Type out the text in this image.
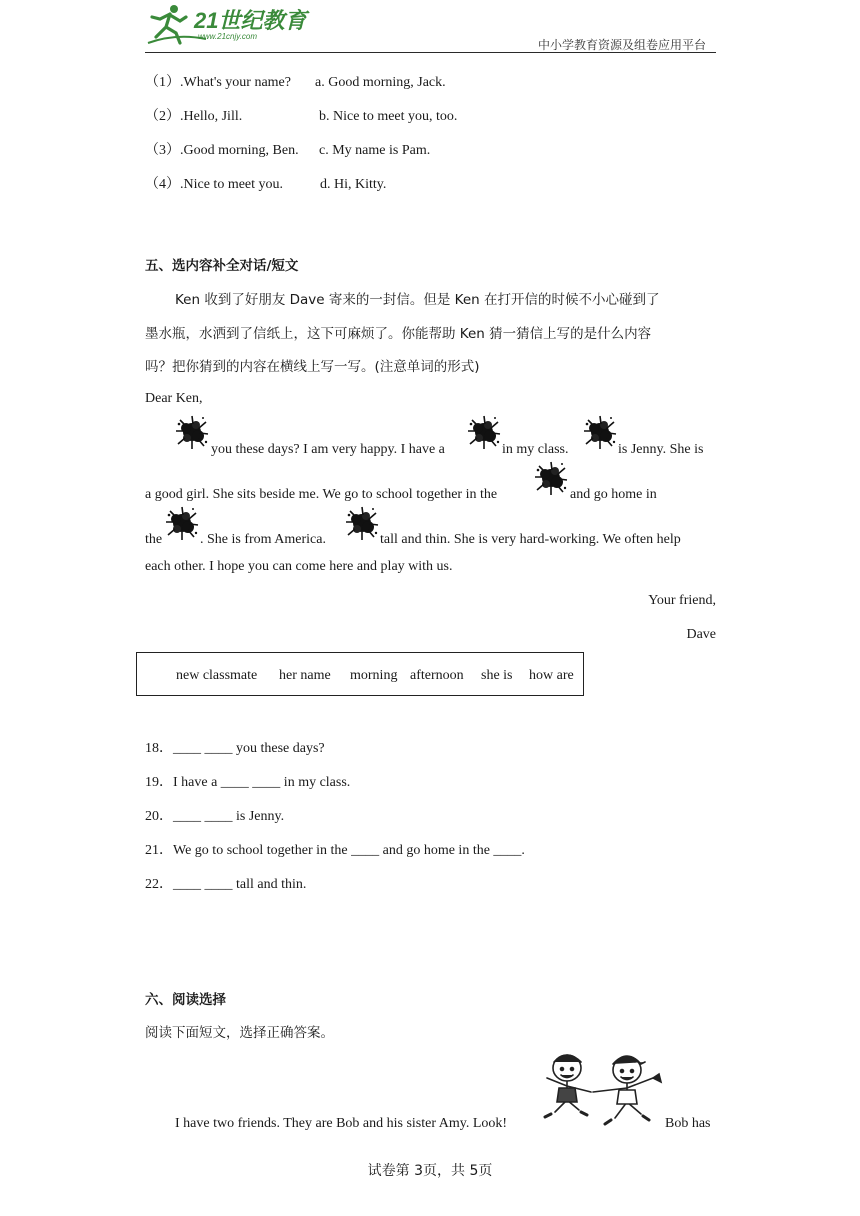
21世纪教育
www.21cnjy.com
中小学教育资源及组卷应用平台
（1）.What's your name? a. Good morning, Jack.
（2）.Hello, Jill.	b. Nice to meet you, too.
（3）.Good morning, Ben. c. My name is Pam.
（4）.Nice to meet you.	d. Hi, Kitty.
五、选内容补全对话/短文
Ken 收到了好朋友 Dave 寄来的一封信。但是 Ken 在打开信的时候不小心碰到了
墨水瓶，水洒到了信纸上，这下可麻烦了。你能帮助 Ken 猜一猜信上写的是什么内容
吗？把你猜到的内容在横线上写一写。(注意单词的形式)
Dear Ken,
you these days? I am very happy. I have a	in my class.	is Jenny. She is
a good girl. She sits beside me. We go to school together in the	and go home in
the	. She is from America.	tall and thin. She is very hard-working. We often help
each other. I hope you can come here and play with us.
Your friend,
Dave
new classmate her name morning afternoon she is how are
18．____ ____ you these days?
19．I have a ____ ____ in my class.
20．____ ____ is Jenny.
21．We go to school together in the ____ and go home in the ____.
22．____ ____ tall and thin.
六、阅读选择
阅读下面短文，选择正确答案。
I have two friends. They are Bob and his sister Amy. Look!	Bob has
试卷第 3页，共 5页
